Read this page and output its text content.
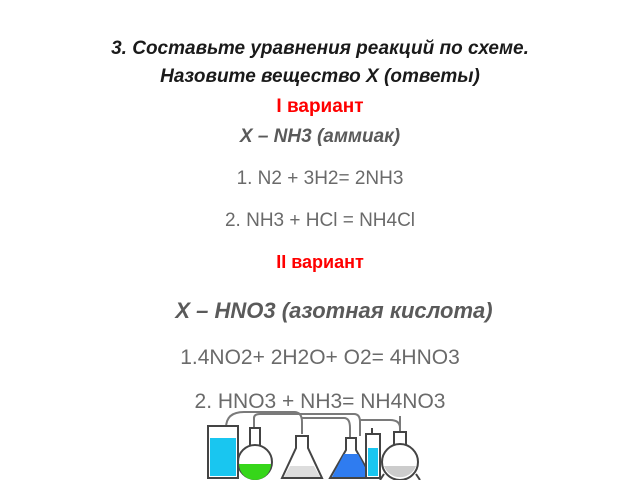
3. Составьте уравнения реакций по схеме.
Назовите вещество Х (ответы)
I вариант
Х – NH3 (аммиак)
1. N2 + 3H2= 2NH3
2. NH3 + HCl = NH4Cl
II вариант
Х – HNO3 (азотная кислота)
1.4NO2+ 2H2O+ O2= 4HNO3
2. HNO3 + NH3= NH4NO3
